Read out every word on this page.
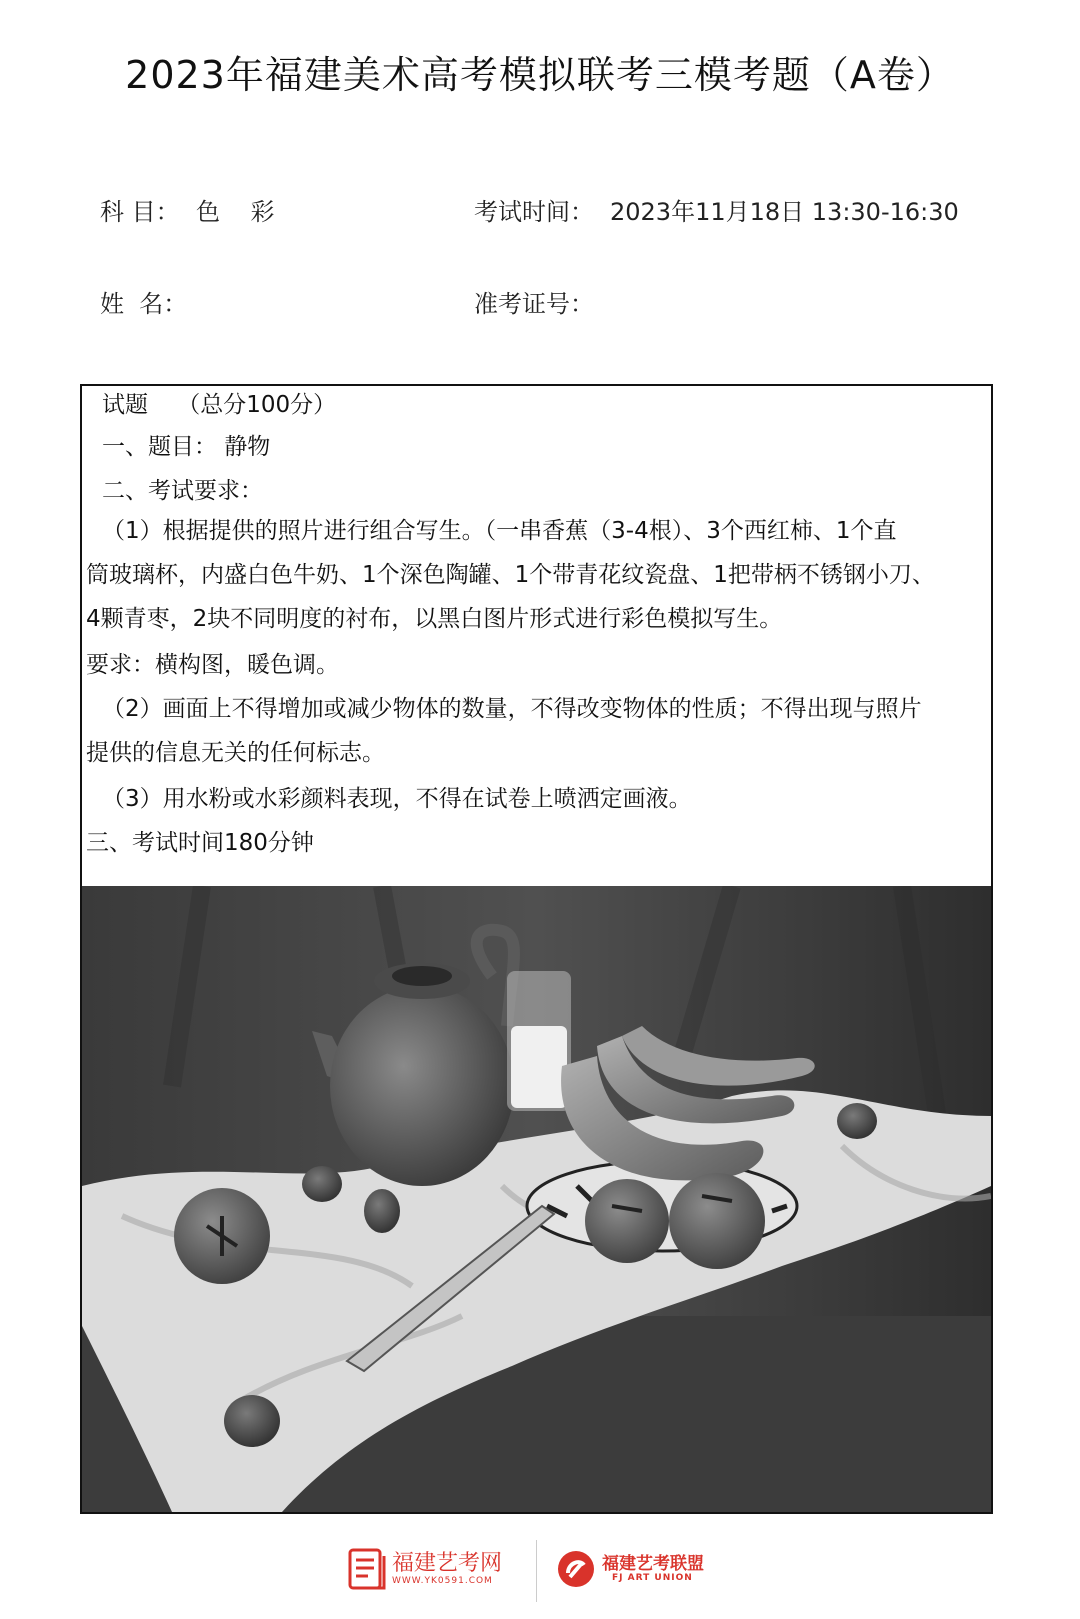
2023年福建美术高考模拟联考三模考题（A卷）
科 目： 色    彩	考试时间： 2023年11月18日 13:30-16:30
姓  名：	准考证号：
试题    （总分100分）
一、题目： 静物
二、考试要求：
（1）根据提供的照片进行组合写生。（一串香蕉（3-4根）、3个西红柿、1个直
筒玻璃杯，内盛白色牛奶、1个深色陶罐、1个带青花纹瓷盘、1把带柄不锈钢小刀、
4颗青枣，2块不同明度的衬布，以黑白图片形式进行彩色模拟写生。
要求：横构图，暖色调。
（2）画面上不得增加或减少物体的数量，不得改变物体的性质；不得出现与照片
提供的信息无关的任何标志。
（3）用水粉或水彩颜料表现，不得在试卷上喷洒定画液。
三、考试时间180分钟
福建艺考网
WWW.YK0591.COM
福建艺考联盟
FJ ART UNION
